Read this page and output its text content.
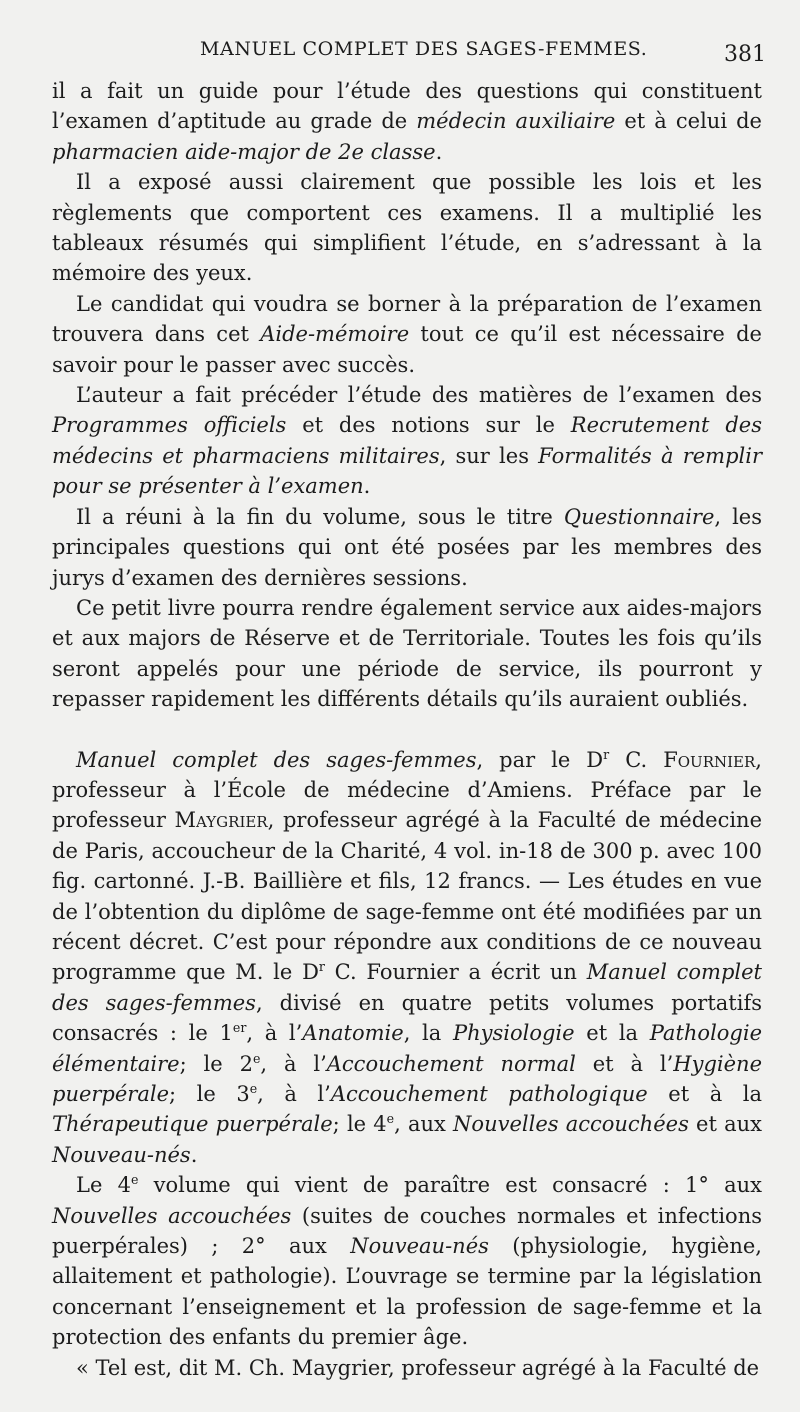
MANUEL COMPLET DES SAGES-FEMMES.	381

il a fait un guide pour l’étude des questions qui constituent l’examen d’aptitude au grade de médecin auxiliaire et à celui de pharmacien aide-major de 2e classe.

Il a exposé aussi clairement que possible les lois et les règlements que comportent ces examens. Il a multiplié les tableaux résumés qui simplifient l’étude, en s’adressant à la mémoire des yeux.

Le candidat qui voudra se borner à la préparation de l’examen trouvera dans cet Aide-mémoire tout ce qu’il est nécessaire de savoir pour le passer avec succès.

L’auteur a fait précéder l’étude des matières de l’examen des Programmes officiels et des notions sur le Recrutement des médecins et pharmaciens militaires, sur les Formalités à remplir pour se présenter à l’examen.

Il a réuni à la fin du volume, sous le titre Questionnaire, les principales questions qui ont été posées par les membres des jurys d’examen des dernières sessions.

Ce petit livre pourra rendre également service aux aides-majors et aux majors de Réserve et de Territoriale. Toutes les fois qu’ils seront appelés pour une période de service, ils pourront y repasser rapidement les différents détails qu’ils auraient oubliés.

Manuel complet des sages-femmes, par le $D^r$ C. Fournier, professeur à l’École de médecine d’Amiens. Préface par le professeur Maygrier, professeur agrégé à la Faculté de médecine de Paris, accoucheur de la Charité, 4 vol. in-18 de 300 p. avec 100 fig. cartonné. J.-B. Baillière et fils, 12 francs. — Les études en vue de l’obtention du diplôme de sage-femme ont été modifiées par un récent décret. C’est pour répondre aux conditions de ce nouveau programme que M. le $D^r$ C. Fournier a écrit un Manuel complet des sages-femmes, divisé en quatre petits volumes portatifs consacrés : le 1er, à l’Anatomie, la Physiologie et la Pathologie élémentaire; le 2e, à l’Accouchement normal et à l’Hygiène puerpérale; le 3e, à l’Accouchement pathologique et à la Thérapeutique puerpérale; le 4e, aux Nouvelles accouchées et aux Nouveau-nés.

Le 4e volume qui vient de paraître est consacré : 1° aux Nouvelles accouchées (suites de couches normales et infections puerpérales) ; 2° aux Nouveau-nés (physiologie, hygiène, allaitement et pathologie). L’ouvrage se termine par la législation concernant l’enseignement et la profession de sage-femme et la protection des enfants du premier âge.

« Tel est, dit M. Ch. Maygrier, professeur agrégé à la Faculté de
